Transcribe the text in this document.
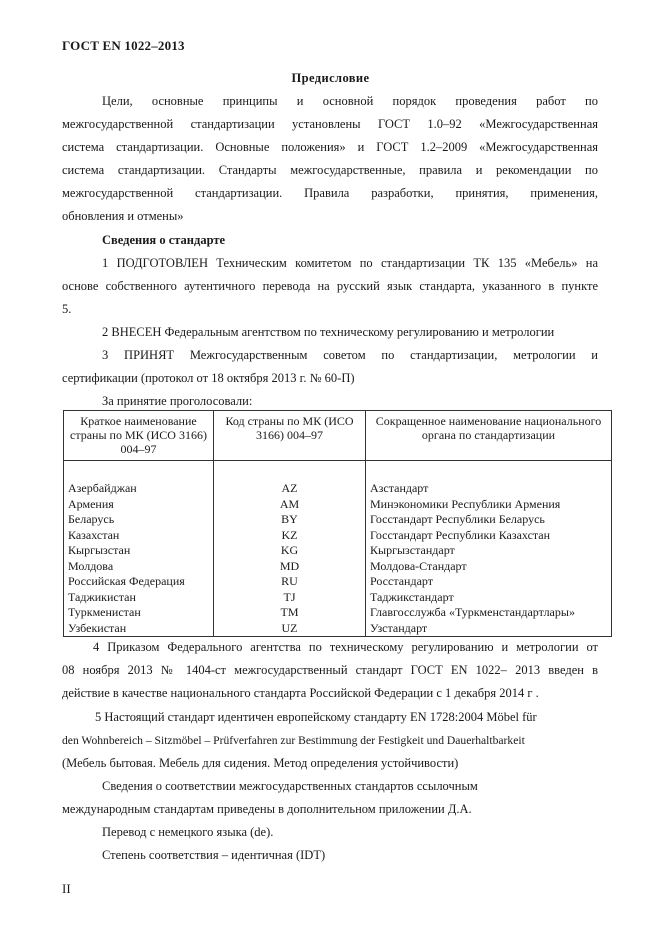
ГОСТ EN 1022–2013
Предисловие
Цели, основные принципы и основной порядок проведения работ по
межгосударственной стандартизации установлены ГОСТ 1.0–92 «Межгосударственная
система стандартизации. Основные положения» и ГОСТ 1.2–2009 «Межгосударственная
система стандартизации. Стандарты межгосударственные, правила и рекомендации по
межгосударственной стандартизации. Правила разработки, принятия, применения,
обновления и отмены»
Сведения о стандарте
1 ПОДГОТОВЛЕН Техническим комитетом по стандартизации ТК 135 «Мебель» на
основе собственного аутентичного перевода на русский язык стандарта, указанного в пункте
5.
2 ВНЕСЕН Федеральным агентством по техническому регулированию и метрологии
3 ПРИНЯТ Межгосударственным советом по стандартизации, метрологии и
сертификации (протокол от 18 октября 2013 г. № 60-П)
За принятие проголосовали:
Краткое наименование страны по МК (ИСО 3166) 004–97	Код страны по МК (ИСО 3166) 004–97	Сокращенное наименование национального органа по стандартизации

Азербайджан	AZ	Азстандарт
Армения	AM	Минэкономики Республики Армения
Беларусь	BY	Госстандарт Республики Беларусь
Казахстан	KZ	Госстандарт Республики Казахстан
Кыргызстан	KG	Кыргызстандарт
Молдова	MD	Молдова-Стандарт
Российская Федерация	RU	Росстандарт
Таджикистан	TJ	Таджикстандарт
Туркменистан	TM	Главгосслужба «Туркменстандартлары»
Узбекистан	UZ	Узстандарт
4 Приказом Федерального агентства по техническому регулированию и метрологии от
08 ноября 2013 № 1404-ст межгосударственный стандарт ГОСТ EN 1022– 2013 введен в
действие в качестве национального стандарта Российской Федерации с 1 декабря 2014 г .
5 Настоящий стандарт идентичен европейскому стандарту EN 1728:2004 Möbel für
den Wohnbereich – Sitzmöbel – Prüfverfahren zur Bestimmung der Festigkeit und Dauerhaltbarkeit
(Мебель бытовая. Мебель для сидения. Метод определения устойчивости)
Сведения о соответствии межгосударственных стандартов ссылочным
международным стандартам приведены в дополнительном приложении Д.А.
Перевод с немецкого языка (de).
Степень соответствия – идентичная (IDT)
II
